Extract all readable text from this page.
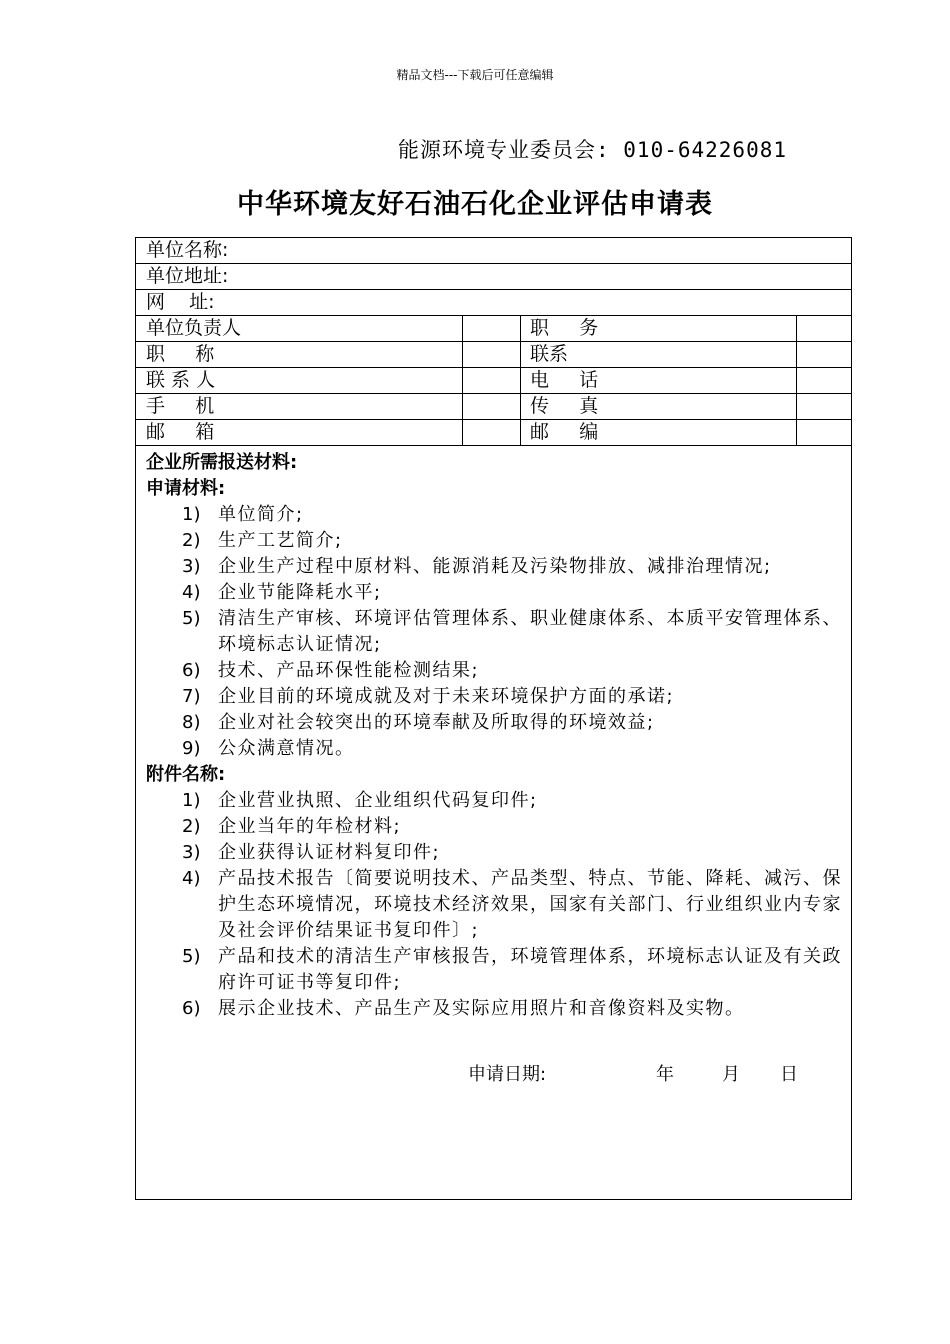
精品文档---下载后可任意编辑
能源环境专业委员会: 010-64226081
中华环境友好石油石化企业评估申请表
单位名称:
单位地址:
网    址:
单位负责人	职     务
职     称	联系
联 系 人	电     话
手     机	传     真
邮     箱	邮     编
企业所需报送材料:
申请材料:
1) 单位简介;
2) 生产工艺简介;
3) 企业生产过程中原材料、能源消耗及污染物排放、减排治理情况;
4) 企业节能降耗水平;
5) 清洁生产审核、环境评估管理体系、职业健康体系、本质平安管理体系、环境标志认证情况;
6) 技术、产品环保性能检测结果;
7) 企业目前的环境成就及对于未来环境保护方面的承诺;
8) 企业对社会较突出的环境奉献及所取得的环境效益;
9) 公众满意情况。
附件名称:
1) 企业营业执照、企业组织代码复印件;
2) 企业当年的年检材料;
3) 企业获得认证材料复印件;
4) 产品技术报告〔简要说明技术、产品类型、特点、节能、降耗、减污、保护生态环境情况，环境技术经济效果，国家有关部门、行业组织业内专家及社会评价结果证书复印件〕;
5) 产品和技术的清洁生产审核报告，环境管理体系，环境标志认证及有关政府许可证书等复印件;
6) 展示企业技术、产品生产及实际应用照片和音像资料及实物。
申请日期:	年	月 日
